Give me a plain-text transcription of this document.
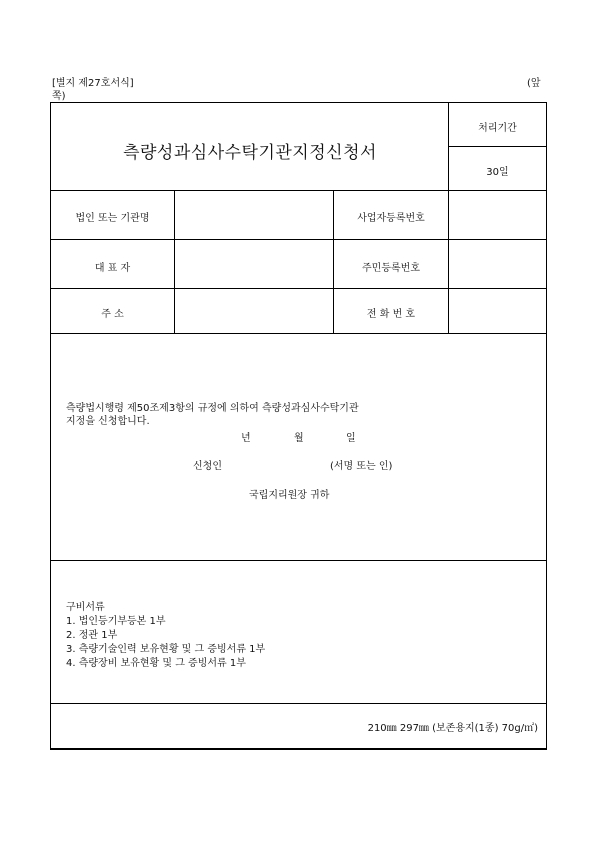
[별지 제27호서식]	(앞
쪽)
측량성과심사수탁기관지정신청서
처리기간
30일
법인 또는 기관명	사업자등록번호
대 표 자	주민등록번호
주 소	전 화 번 호
측량법시행령 제50조제3항의 규정에 의하여 측량성과심사수탁기관
지정을 신청합니다.
년	월	일
신청인	(서명 또는 인)
국립지리원장 귀하
구비서류
1. 법인등기부등본 1부
2. 정관 1부
3. 측량기술인력 보유현황 및 그 증빙서류 1부
4. 측량장비 보유현황 및 그 증빙서류 1부
210㎜ 297㎜ (보존용지(1종) 70g/㎡)
